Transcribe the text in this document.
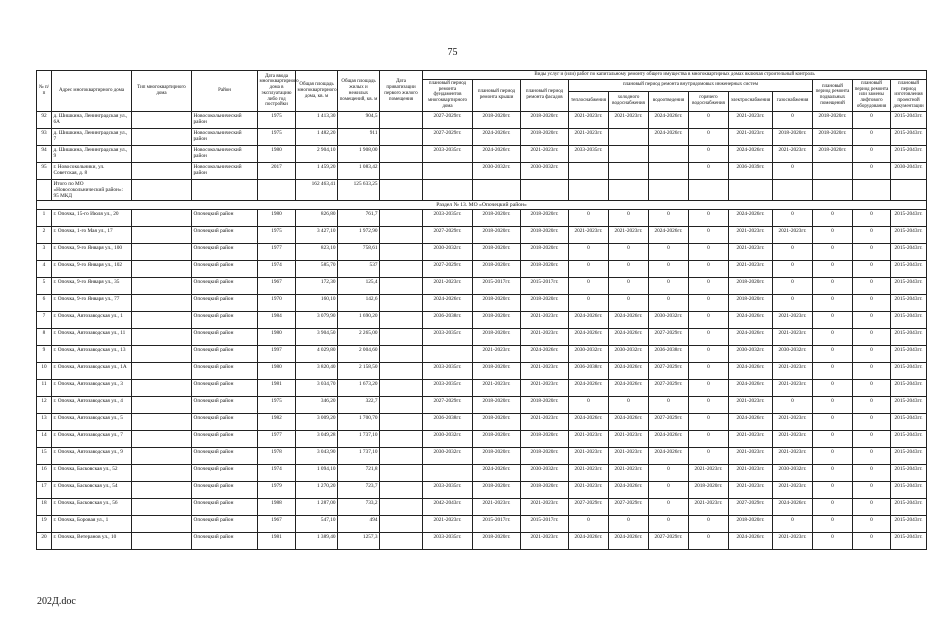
75
№ п/п	Адрес многоквартирного дома	Тип многоквартирного дома	Район	Дата ввода многоквартирного дома в эксплуатацию либо год постройки	Общая площадь многоквартирного дома, кв. м	Общая площадь жилых и нежилых помещений, кв. м	Дата приватизации первого жилого помещения	Виды услуг и (или) работ по капитальному ремонту общего имущества в многоквартирных домах включая строительный контроль											
								плановый период ремонта фундаментов многоквартирного дома	плановый период ремонта крыши	плановый период ремонта фасадов	плановый период ремонта внутридомовых инженерных систем						плановый период ремонта подвальных помещений	плановый период ремонта или замены лифтового оборудования	плановый период изготовления проектной документации
											теплоснабжения	холодного водоснабжения	водоотведения	горячего водоснабжения	электроснабжения	газоснабжения			
92	д. Шишкина, Ленинградская ул., 6А		Новосокольнический район	1975	1 413,30	904,5		2027-2029гг.	2018-2020гг.	2018-2020гг.	2021-2023гг.	2021-2023гг.	2024-2026гг.	0	2021-2023гг.	0	2018-2020гг.	0	2015-2043гг.
93	д. Шишкина, Ленинградская ул., 7		Новосокольнический район	1975	1 482,20	911		2027-2029гг.	2024-2026гг.	2018-2020гг.	2021-2023гг.		2024-2026гг.	0	2021-2023гг.	2018-2020гг.	2018-2020гг.	0	2015-2043гг.
94	д. Шишкина, Ленинградская ул., 9		Новосокольнический район	1980	2 904,10	1 908,00		2033-2035гг.	2024-2026гг.	2021-2023гг.	2033-2035гг.			0	2024-2026гг.	2021-2023гг.	2018-2020гг.	0	2015-2043гг.
95	г. Новосокольники, ул. Советская, д. 8		Новосокольнический район	2017	1 459,20	1 083,42			2030-2032гг.	2030-2032гг.				0	2036-2039гг.	0		0	2030-2043гг.
	Итого по МО «Новосокольнический район»: 95 МКД				162 463,41	125 633,25													
Раздел № 13. МО «Опочецкий район»																			
1	г. Опочка, 15-го Июля ул., 20		Опочецкий район	1980	826,80	761,7		2033-2035гг.	2018-2020гг.	2018-2020гг.	0	0	0	0	2024-2026гг.	0	0	0	2015-2043гг.
2	г. Опочка, 1-го Мая ул., 17		Опочецкий район	1975	3 427,10	1 972,90		2027-2029гг.	2018-2020гг.	2018-2020гг.	2021-2023гг.	2021-2023гг.	2024-2026гг.	0	2021-2023гг.	2021-2023гг.	0	0	2015-2043гг.
3	г. Опочка, 9-го Января ул., 100		Опочецкий район	1977	823,10	758,61		2030-2032гг.	2018-2020гг.	2018-2020гг.	0	0	0	0	2021-2023гг.	0	0	0	2015-2043гг.
4	г. Опочка, 9-го Января ул., 102		Опочецкий район	1974	585,70	537		2027-2029гг.	2018-2020гг.	2018-2020гг.	0	0	0	0	2021-2023гг.	0	0	0	2015-2043гг.
5	г. Опочка, 9-го Января ул., 35		Опочецкий район	1967	172,30	125,4		2021-2023гг.	2015-2017гг.	2015-2017гг.	0	0	0	0	2018-2020гг.	0	0	0	2015-2043гг.
6	г. Опочка, 9-го Января ул., 77		Опочецкий район	1970	160,10	142,6		2024-2026гг.	2018-2020гг.	2018-2020гг.	0	0	0	0	2018-2020гг.	0	0	0	2015-2043гг.
7	г. Опочка, Автозаводская ул., 1		Опочецкий район	1984	3 079,90	1 690,20		2036-2038гг.	2018-2020гг.	2021-2023гг.	2024-2026гг.	2024-2026гг.	2030-2032гг.	0	2024-2026гг.	2021-2023гг.	0	0	2015-2043гг.
8	г. Опочка, Автозаводская ул., 11		Опочецкий район	1980	3 904,50	2 265,00		2033-2035гг.	2018-2020гг.	2021-2023гг.	2024-2026гг.	2024-2026гг.	2027-2029гг.	0	2024-2026гг.	2021-2023гг.	0	0	2015-2043гг.
9	г. Опочка, Автозаводская ул., 13		Опочецкий район	1997	4 029,80	2 004,60			2021-2023гг.	2024-2026гг.	2030-2032гг.	2030-2032гг.	2036-2038гг.	0	2030-2032гг.	2030-2032гг.	0	0	2015-2043гг.
10	г. Опочка, Автозаводская ул., 1А		Опочецкий район	1980	3 820,40	2 158,50		2033-2035гг.	2018-2020гг.	2021-2023гг.	2036-2038гг.	2024-2026гг.	2027-2029гг.	0	2024-2026гг.	2021-2023гг.	0	0	2015-2043гг.
11	г. Опочка, Автозаводская ул., 3		Опочецкий район	1981	3 034,70	1 673,20		2033-2035гг.	2021-2023гг.	2021-2023гг.	2024-2026гг.	2024-2026гг.	2027-2029гг.	0	2024-2026гг.	2021-2023гг.	0	0	2015-2043гг.
12	г. Опочка, Автозаводская ул., 4		Опочецкий район	1975	346,20	322,7		2027-2029гг.	2018-2020гг.	2018-2020гг.	0	0	0	0	2021-2023гг.	0	0	0	2015-2043гг.
13	г. Опочка, Автозаводская ул., 5		Опочецкий район	1982	3 009,20	1 700,70		2036-2038гг.	2018-2020гг.	2021-2023гг.	2024-2026гг.	2024-2026гг.	2027-2029гг.	0	2024-2026гг.	2021-2023гг.	0	0	2015-2043гг.
14	г. Опочка, Автозаводская ул., 7		Опочецкий район	1977	3 049,28	1 737,10		2030-2032гг.	2018-2020гг.	2018-2020гг.	2021-2023гг.	2021-2023гг.	2024-2026гг.	0	2021-2023гг.	2021-2023гг.	0	0	2015-2043гг.
15	г. Опочка, Автозаводская ул., 9		Опочецкий район	1978	3 043,90	1 737,10		2030-2032гг.	2018-2020гг.	2018-2020гг.	2021-2023гг.	2021-2023гг.	2024-2026гг.	0	2021-2023гг.	2021-2023гг.	0	0	2015-2043гг.
16	г. Опочка, Басковская ул., 52		Опочецкий район	1974	1 094,10	721,8			2024-2026гг.	2030-2032гг.	2021-2023гг.	2021-2023гг.	0	2021-2023гг.	2021-2023гг.	2030-2032гг.	0	0	2015-2043гг.
17	г. Опочка, Басковская ул., 54		Опочецкий район	1979	1 270,20	723,7		2033-2035гг.	2018-2020гг.	2018-2020гг.	2021-2023гг.	2024-2026гг.	0	2018-2020гг.	2021-2023гг.	2021-2023гг.	0	0	2015-2043гг.
18	г. Опочка, Басковская ул., 56		Опочецкий район	1988	1 287,00	733,2		2042-2043гг.	2021-2023гг.	2021-2023гг.	2027-2029гг.	2027-2029гг.	0	2021-2023гг.	2027-2029гг.	2024-2026гг.	0	0	2015-2043гг.
19	г. Опочка, Боровая ул., 1		Опочецкий район	1967	547,10	494		2021-2023гг.	2015-2017гг.	2015-2017гг.	0	0	0	0	2018-2020гг.	0	0	0	2015-2043гг.
20	г. Опочка, Ветеранов ул., 10		Опочецкий район	1981	1 389,40	1257,3		2033-2035гг.	2018-2020гг.	2021-2023гг.	2024-2026гг.	2024-2026гг.	2027-2029гг.	0	2024-2026гг.	2021-2023гг.	0	0	2015-2043гг.
202Д.doc
